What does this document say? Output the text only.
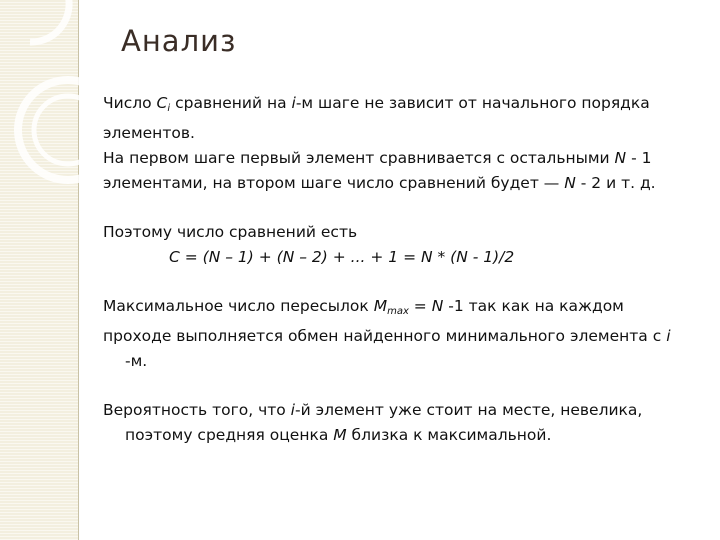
Анализ

Число $C_i$ сравнений на i-м шаге не зависит от начального порядка

элементов.

На первом шаге первый элемент сравнивается с остальными N - 1

элементами, на втором шаге число сравнений будет — N - 2 и т. д.

Поэтому число сравнений есть

C = (N – 1) + (N – 2) + ... + 1 = N * (N - 1)/2

Максимальное число пересылок $M_{max} = N$ -1 так как на каждом

проходе выполняется обмен найденного минимального элемента с i

-м.

Вероятность того, что i-й элемент уже стоит на месте, невелика,

поэтому средняя оценка M близка к максимальной.
